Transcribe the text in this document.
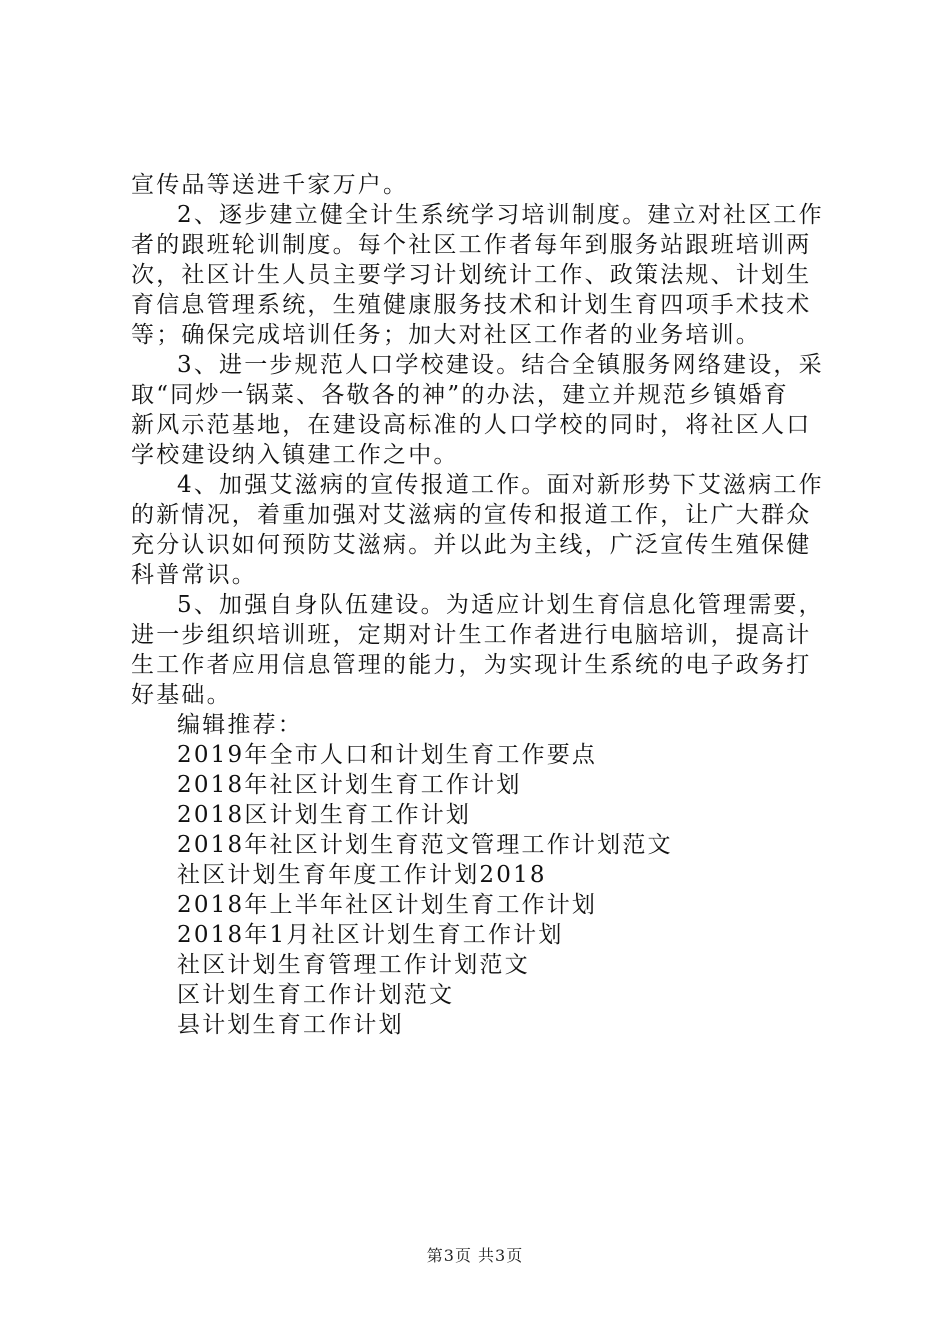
宣传品等送进千家万户。
2、逐步建立健全计生系统学习培训制度。建立对社区工作
者的跟班轮训制度。每个社区工作者每年到服务站跟班培训两
次，社区计生人员主要学习计划统计工作、政策法规、计划生
育信息管理系统，生殖健康服务技术和计划生育四项手术技术
等；确保完成培训任务；加大对社区工作者的业务培训。
3、进一步规范人口学校建设。结合全镇服务网络建设，采
取“同炒一锅菜、各敬各的神”的办法，建立并规范乡镇婚育
新风示范基地，在建设高标准的人口学校的同时，将社区人口
学校建设纳入镇建工作之中。
4、加强艾滋病的宣传报道工作。面对新形势下艾滋病工作
的新情况，着重加强对艾滋病的宣传和报道工作，让广大群众
充分认识如何预防艾滋病。并以此为主线，广泛宣传生殖保健
科普常识。
5、加强自身队伍建设。为适应计划生育信息化管理需要，
进一步组织培训班，定期对计生工作者进行电脑培训，提高计
生工作者应用信息管理的能力，为实现计生系统的电子政务打
好基础。
编辑推荐：
2019年全市人口和计划生育工作要点
2018年社区计划生育工作计划
2018区计划生育工作计划
2018年社区计划生育范文管理工作计划范文
社区计划生育年度工作计划2018
2018年上半年社区计划生育工作计划
2018年1月社区计划生育工作计划
社区计划生育管理工作计划范文
区计划生育工作计划范文
县计划生育工作计划
第3页 共3页
